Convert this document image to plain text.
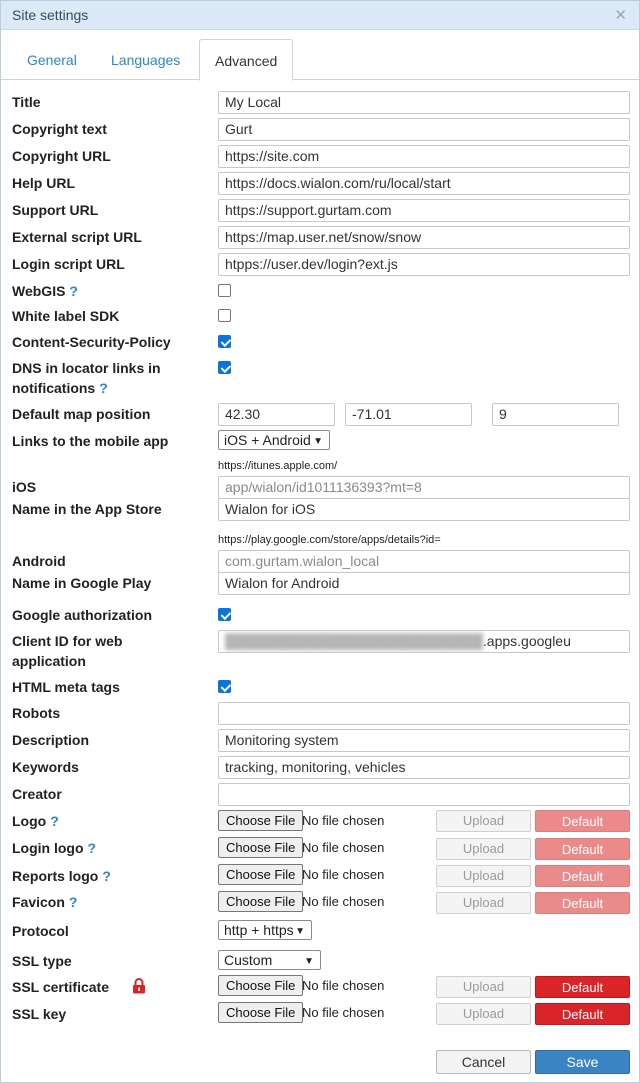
Site settings	✕
General Languages	Advanced
Title	My Local
Copyright text	Gurt
Copyright URL	https://site.com
Help URL	https://docs.wialon.com/ru/local/start
Support URL	https://support.gurtam.com
External script URL	https://map.user.net/snow/snow
Login script URL	htpps://user.dev/login?ext.js
WebGIS ?
White label SDK
Content-Security-Policy
DNS in locator links in
notifications ?
Default map position	42.30	-71.01	9
Links to the mobile app	iOS + Android ▼
https://itunes.apple.com/
iOS	app/wialon/id1011136393?mt=8
Name in the App Store	Wialon for iOS
https://play.google.com/store/apps/details?id=
Android	com.gurtam.wialon_local
Name in Google Play	Wialon for Android
Google authorization
Client ID for web
application
██████████████████████████.apps.googleu
HTML meta tags
Robots
Description	Monitoring system
Keywords	tracking, monitoring, vehicles
Creator
Logo ?	Choose File No file chosen	Upload	Default
Login logo ?	Choose File No file chosen	Upload	Default
Reports logo ?	Choose File No file chosen	Upload	Default
Favicon ?	Choose File No file chosen	Upload	Default
Protocol	http + https ▼
SSL type	Custom	▼
SSL certificate	Choose File No file chosen	Upload	Default
SSL key	Choose File No file chosen	Upload	Default
Cancel	Save
